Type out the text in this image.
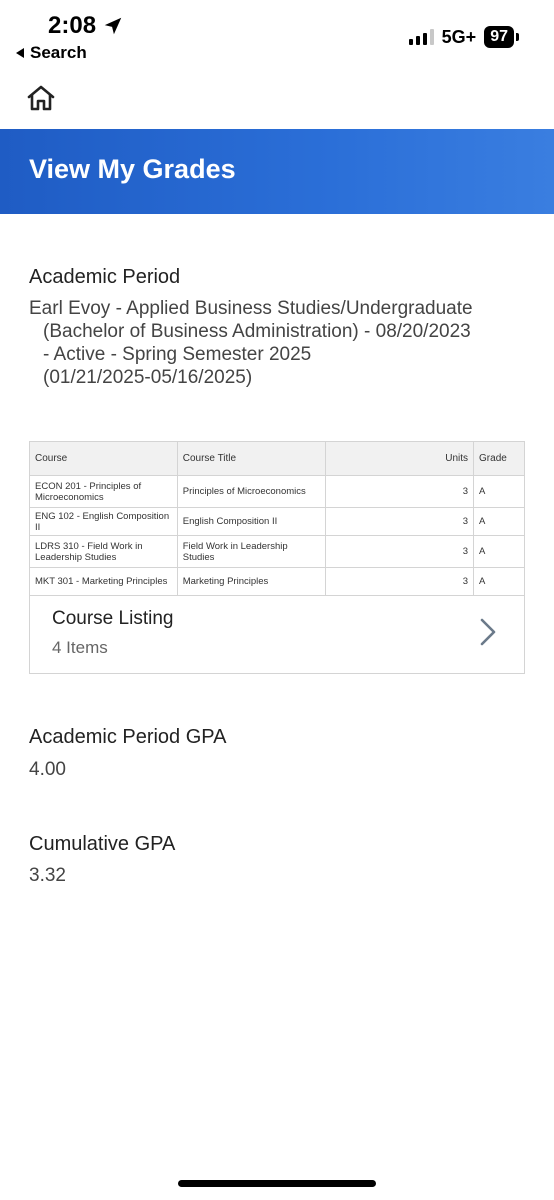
2:08
Search
5G+ 97
View My Grades
Academic Period
Earl Evoy - Applied Business Studies/Undergraduate
(Bachelor of Business Administration) - 08/20/2023
- Active - Spring Semester 2025
(01/21/2025-05/16/2025)
Course	Course Title	Units	Grade
ECON 201 - Principles of Microeconomics	Principles of Microeconomics	3	A
ENG 102 - English Composition II	English Composition II	3	A
LDRS 310 - Field Work in Leadership Studies	Field Work in Leadership Studies	3	A
MKT 301 - Marketing Principles	Marketing Principles	3	A
Course Listing
4 Items
Academic Period GPA
4.00
Cumulative GPA
3.32
